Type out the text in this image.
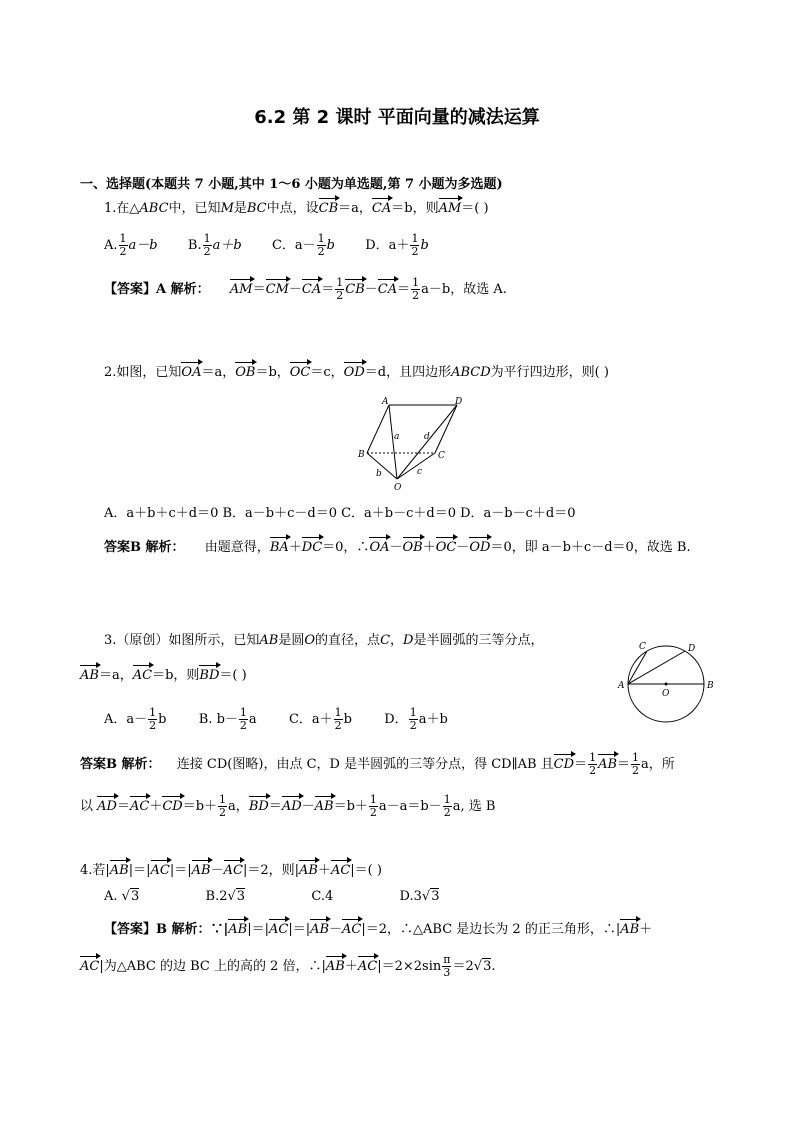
6.2 第 2 课时 平面向量的减法运算
一、选择题(本题共 7 小题,其中 1～6 小题为单选题,第 7 小题为多选题)
1.在△ABC中，已知M是BC中点，设CB＝a，CA＝b，则AM＝( )
A. $\frac{1}{2} a-b$ B. $\frac{1}{2} a+b$ C．$a- \frac{1}{2}$ b D．$a+ \frac{1}{2}$ b
【答案】A 解析： $AM=CM-CA= \frac{1}{2} CB-CA= \frac{1}{2} a-b$，故选 A.
2.如图，已知OA＝a，OB＝b，OC＝c，OD＝d，且四边形ABCD为平行四边形，则( )
A	D
B	C
O
a	d
b	c
A．a＋b＋c＋d＝0 B．a－b＋c－d＝0 C．a＋b－c＋d＝0 D．a－b－c＋d＝0
答案B 解析： 由题意得，BA＋DC＝0，∴OA－OB＋OC－OD＝0，即 a－b＋c－d＝0，故选 B.
3.（原创）如图所示，已知AB是圆O的直径，点C，D是半圆弧的三等分点，
AB＝a，AC＝b，则BD＝( )
C	D
A	B
O
A．$a- \frac{1}{2}$ b B. $b- \frac{1}{2}$ a C．$a+ \frac{1}{2}$ b D． $\frac{1}{2} a+b$
答案B 解析： 连接 CD(图略)，由点 C，D 是半圆弧的三等分点，得 CD∥AB 且$CD= \frac{1}{2} AB= \frac{1}{2}$ a，所
以 $AD=AC+CD=b+ \frac{1}{2}$ a，$BD=AD-AB=b+ \frac{1}{2} a-a=b- \frac{1}{2} a$, 选 B
4.若|AB|＝|AC|＝|AB－AC|＝2，则|AB＋AC|＝( )
A. √3	B.2√3	C.4	D.3√3
【答案】B 解析：∵|AB|＝|AC|＝|AB－AC|＝2，∴△ABC 是边长为 2 的正三角形，∴|AB＋
AC|为△ABC 的边 BC 上的高的 2 倍，∴|AB＋AC|＝2×2sin $\frac{\pi}{3} =2√3$.
